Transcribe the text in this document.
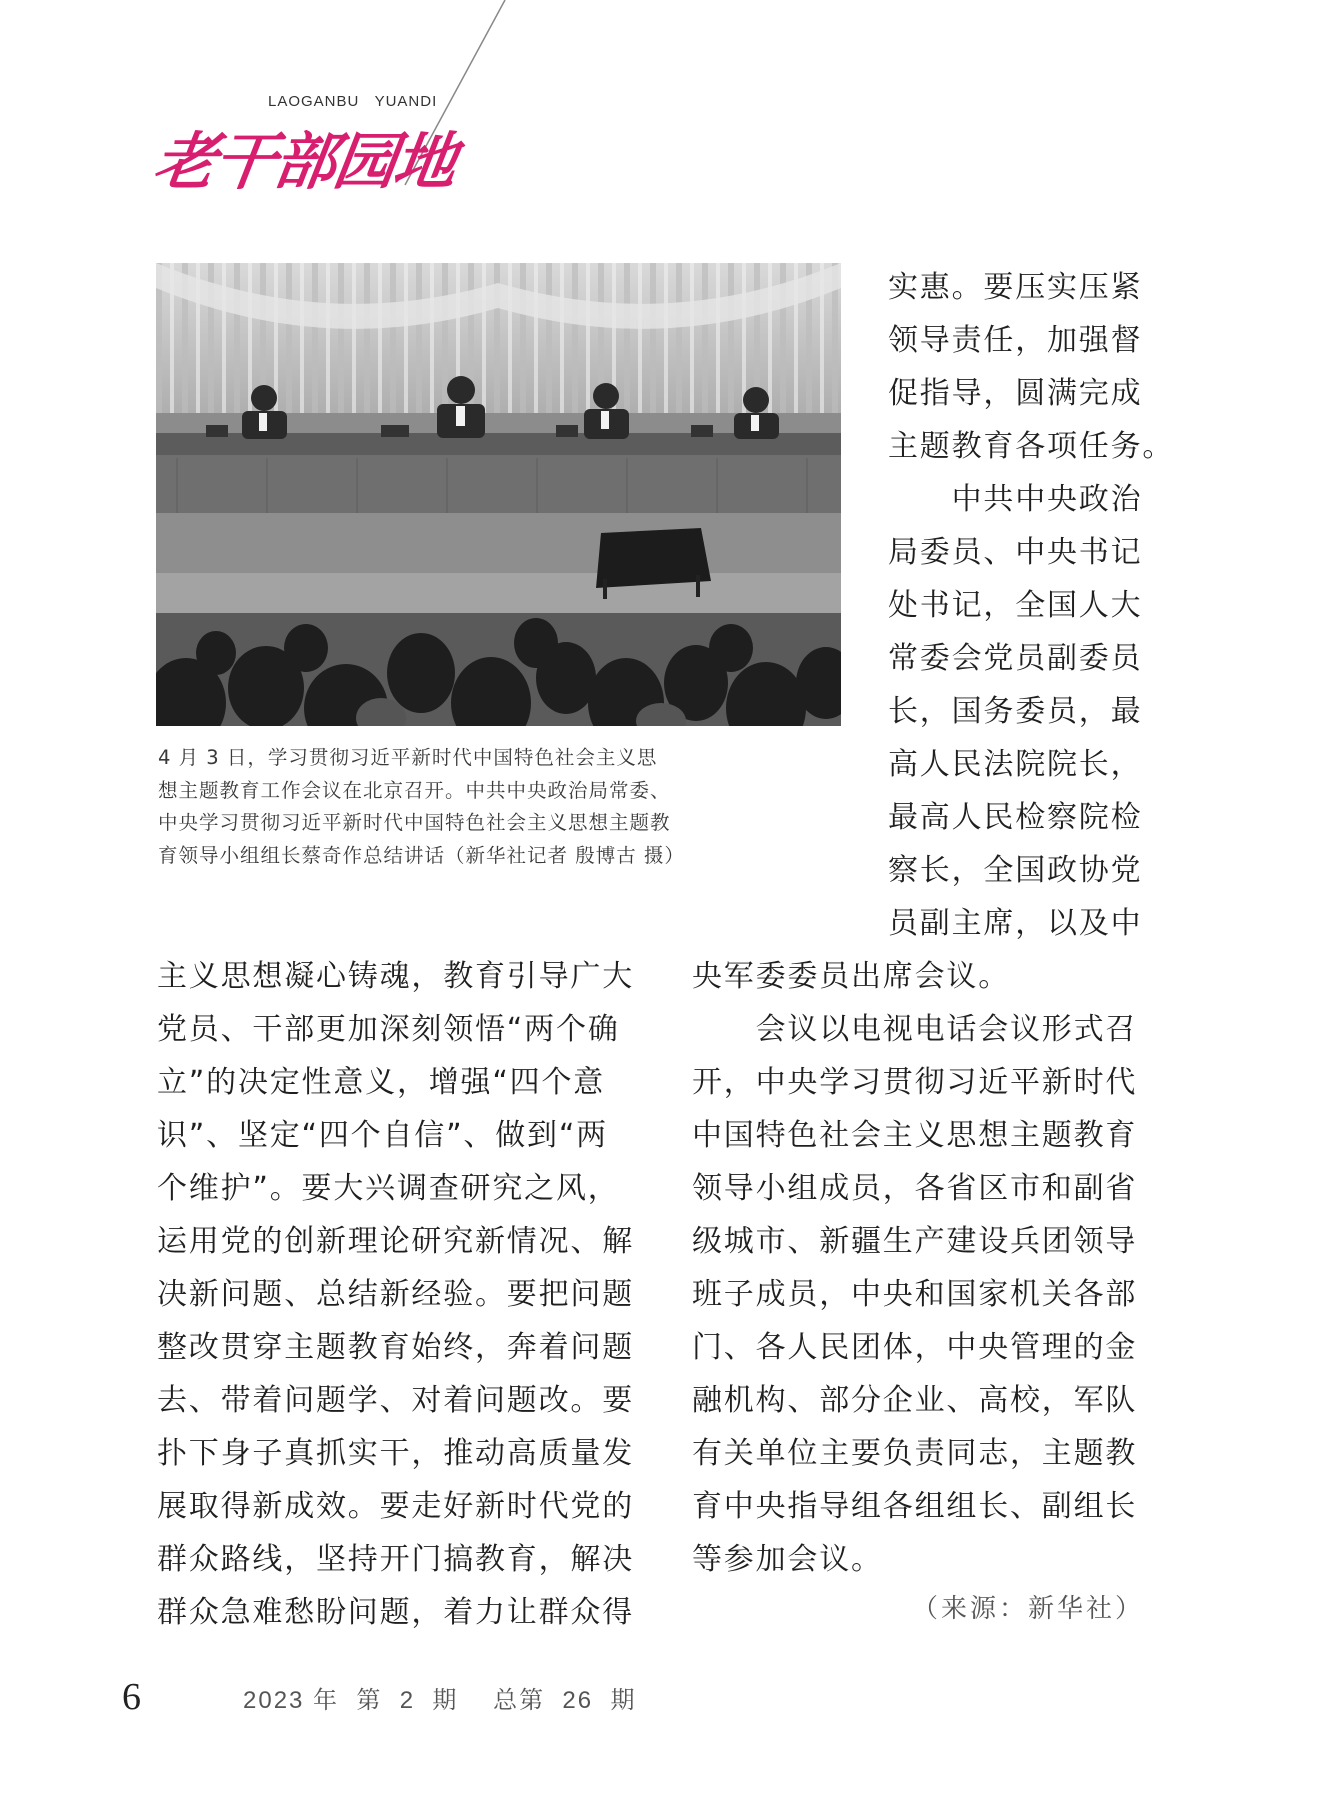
LAOGANBU   YUANDI
老干部园地
4 月 3 日，学习贯彻习近平新时代中国特色社会主义思
想主题教育工作会议在北京召开。中共中央政治局常委、
中央学习贯彻习近平新时代中国特色社会主义思想主题教
育领导小组组长蔡奇作总结讲话（新华社记者 殷博古 摄）
实惠。要压实压紧
领导责任，加强督
促指导，圆满完成
主题教育各项任务。
　　中共中央政治
局委员、中央书记
处书记，全国人大
常委会党员副委员
长，国务委员，最
高人民法院院长，
最高人民检察院检
察长，全国政协党
员副主席，以及中
主义思想凝心铸魂，教育引导广大
党员、干部更加深刻领悟“两个确
立”的决定性意义，增强“四个意
识”、坚定“四个自信”、做到“两
个维护”。要大兴调查研究之风，
运用党的创新理论研究新情况、解
决新问题、总结新经验。要把问题
整改贯穿主题教育始终，奔着问题
去、带着问题学、对着问题改。要
扑下身子真抓实干，推动高质量发
展取得新成效。要走好新时代党的
群众路线，坚持开门搞教育，解决
群众急难愁盼问题，着力让群众得
央军委委员出席会议。
　　会议以电视电话会议形式召
开，中央学习贯彻习近平新时代
中国特色社会主义思想主题教育
领导小组成员，各省区市和副省
级城市、新疆生产建设兵团领导
班子成员，中央和国家机关各部
门、各人民团体，中央管理的金
融机构、部分企业、高校，军队
有关单位主要负责同志，主题教
育中央指导组各组组长、副组长
等参加会议。
（来源：新华社）
6	2023 年  第  2  期    总第  26  期
